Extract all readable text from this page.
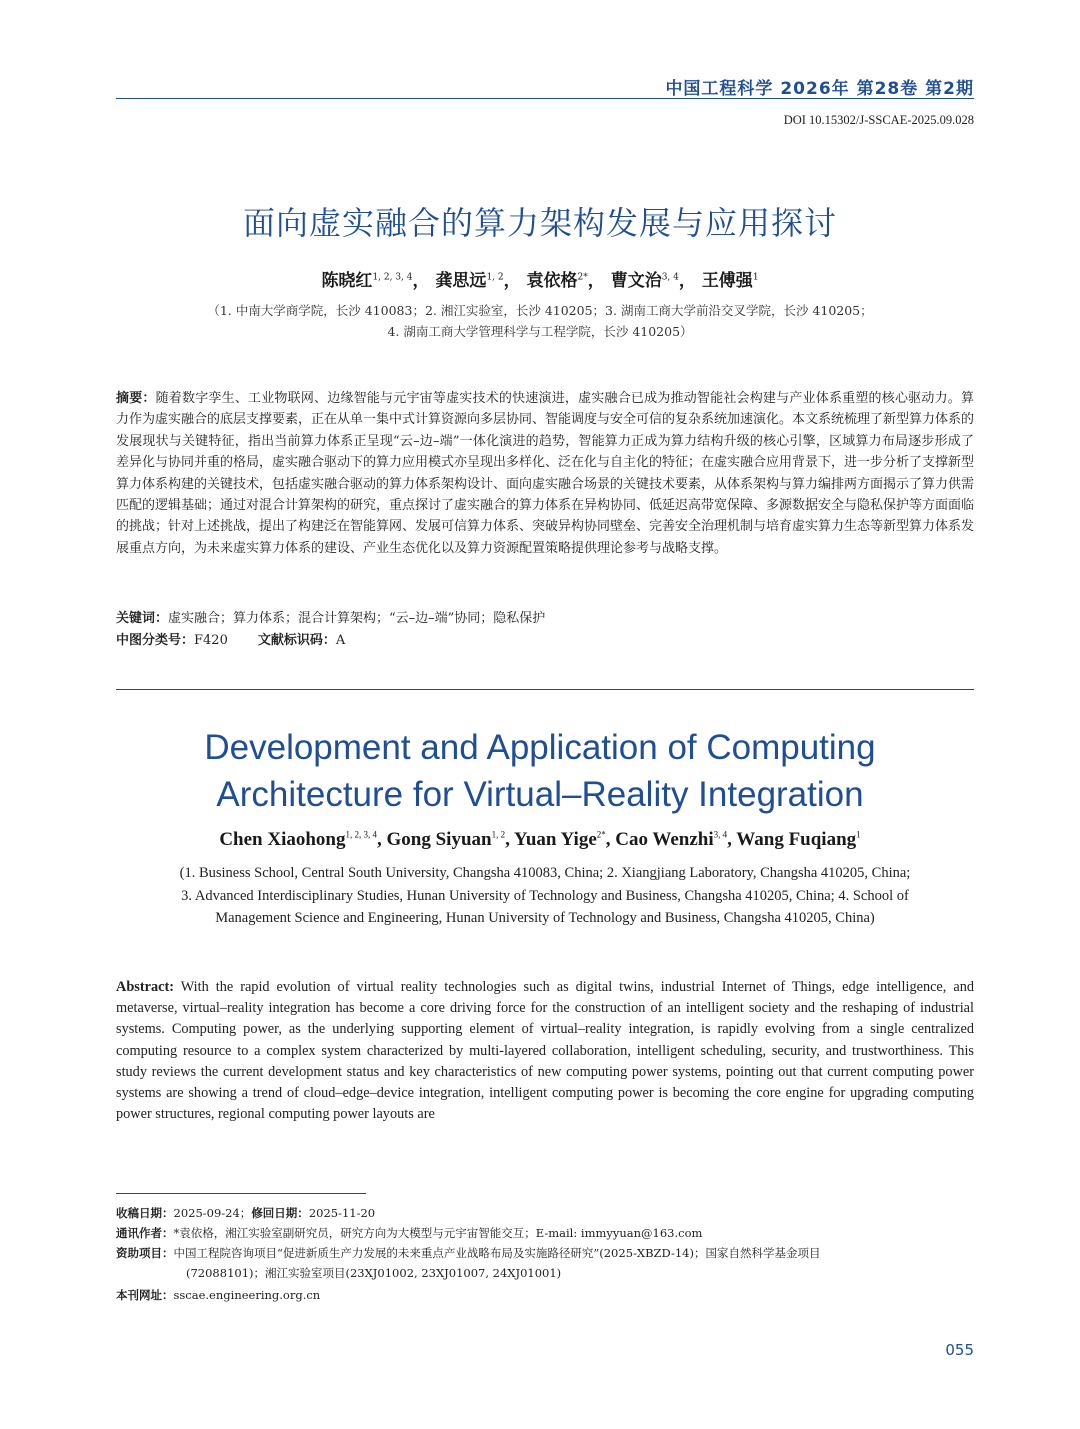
中国工程科学 2026年 第28卷 第2期
DOI 10.15302/J-SSCAE-2025.09.028
面向虚实融合的算力架构发展与应用探讨
陈晓红$^{1, 2, 3, 4}$， 龚思远$^{1, 2}$， 袁依格$^{2*}$， 曹文治$^{3, 4}$， 王傅强$^1$
（1. 中南大学商学院，长沙 410083；2. 湘江实验室，长沙 410205；3. 湖南工商大学前沿交叉学院，长沙 410205；
4. 湖南工商大学管理科学与工程学院，长沙 410205）
摘要：随着数字孪生、工业物联网、边缘智能与元宇宙等虚实技术的快速演进，虚实融合已成为推动智能社会构建与产业体系重塑的核心驱动力。算力作为虚实融合的底层支撑要素，正在从单一集中式计算资源向多层协同、智能调度与安全可信的复杂系统加速演化。本文系统梳理了新型算力体系的发展现状与关键特征，指出当前算力体系正呈现“云–边–端”一体化演进的趋势，智能算力正成为算力结构升级的核心引擎，区域算力布局逐步形成了差异化与协同并重的格局，虚实融合驱动下的算力应用模式亦呈现出多样化、泛在化与自主化的特征；在虚实融合应用背景下，进一步分析了支撑新型算力体系构建的关键技术，包括虚实融合驱动的算力体系架构设计、面向虚实融合场景的关键技术要素，从体系架构与算力编排两方面揭示了算力供需匹配的逻辑基础；通过对混合计算架构的研究，重点探讨了虚实融合的算力体系在异构协同、低延迟高带宽保障、多源数据安全与隐私保护等方面面临的挑战；针对上述挑战，提出了构建泛在智能算网、发展可信算力体系、突破异构协同壁垒、完善安全治理机制与培育虚实算力生态等新型算力体系发展重点方向，为未来虚实算力体系的建设、产业生态优化以及算力资源配置策略提供理论参考与战略支撑。
关键词：虚实融合；算力体系；混合计算架构；“云–边–端”协同；隐私保护
中图分类号：F420 文献标识码：A
Development and Application of Computing
Architecture for Virtual–Reality Integration
Chen Xiaohong$^{1, 2, 3, 4}$, Gong Siyuan$^{1, 2}$, Yuan Yige$^{2*}$, Cao Wenzhi$^{3, 4}$, Wang Fuqiang$^1$
(1. Business School, Central South University, Changsha 410083, China; 2. Xiangjiang Laboratory, Changsha 410205, China;
3. Advanced Interdisciplinary Studies, Hunan University of Technology and Business, Changsha 410205, China; 4. School of
Management Science and Engineering, Hunan University of Technology and Business, Changsha 410205, China)
Abstract: With the rapid evolution of virtual reality technologies such as digital twins, industrial Internet of Things, edge intelligence, and metaverse, virtual–reality integration has become a core driving force for the construction of an intelligent society and the reshaping of industrial systems. Computing power, as the underlying supporting element of virtual–reality integration, is rapidly evolving from a single centralized computing resource to a complex system characterized by multi-layered collaboration, intelligent scheduling, security, and trustworthiness. This study reviews the current development status and key characteristics of new computing power systems, pointing out that current computing power systems are showing a trend of cloud–edge–device integration, intelligent computing power is becoming the core engine for upgrading computing power structures, regional computing power layouts are
收稿日期：2025-09-24；修回日期：2025-11-20
通讯作者：*袁依格，湘江实验室副研究员，研究方向为大模型与元宇宙智能交互；E-mail: immyyuan@163.com
资助项目：中国工程院咨询项目“促进新质生产力发展的未来重点产业战略布局及实施路径研究”(2025-XBZD-14)；国家自然科学基金项目
(72088101)；湘江实验室项目(23XJ01002, 23XJ01007, 24XJ01001)
本刊网址：sscae.engineering.org.cn
055
